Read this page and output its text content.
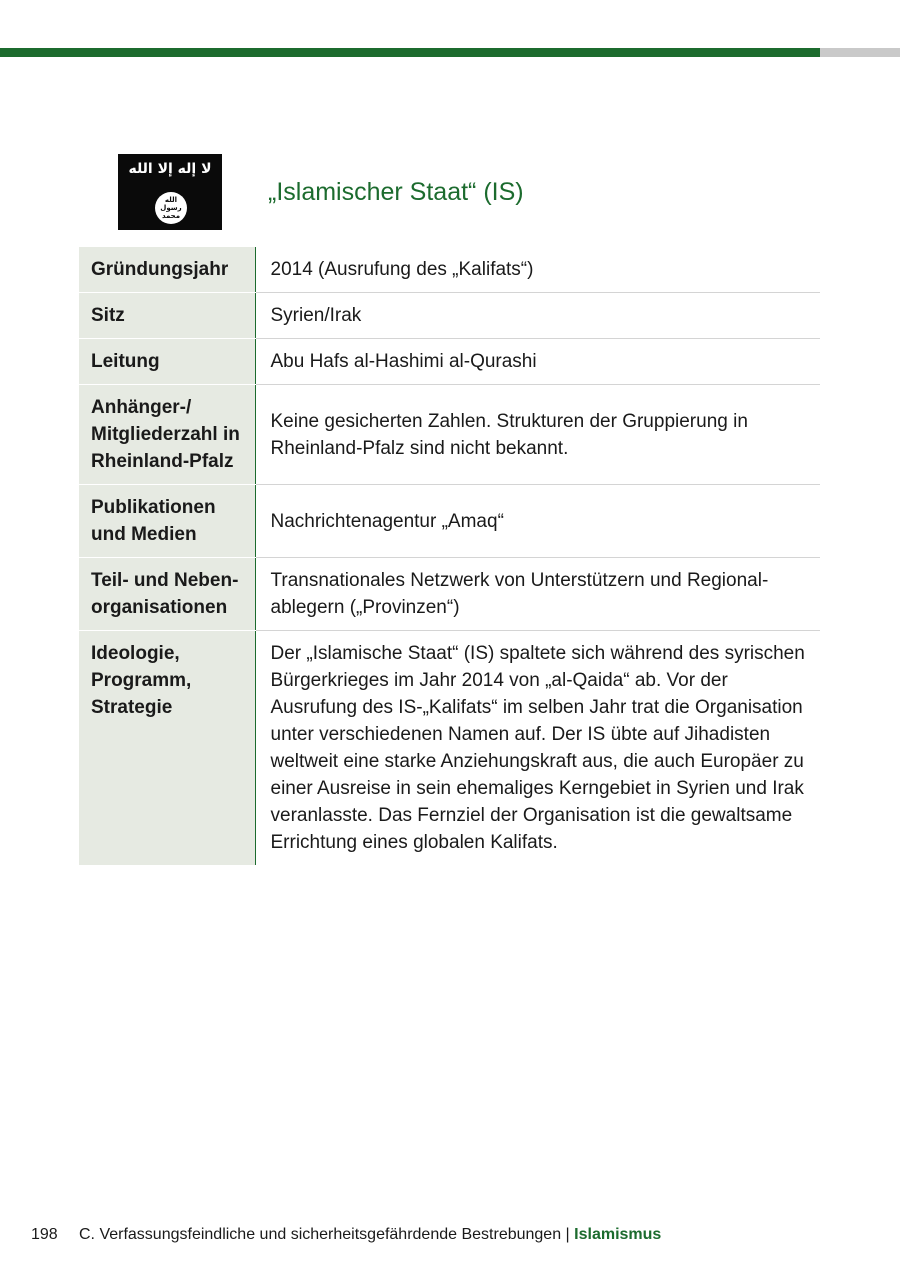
لا إله إلا الله
الله
رسول
محمد
„Islamischer Staat“ (IS)
Gründungsjahr	2014 (Ausrufung des „Kalifats“)
Sitz	Syrien/Irak
Leitung	Abu Hafs al-Hashimi al-Qurashi
Anhänger-/ Mitgliederzahl in Rheinland-Pfalz	Keine gesicherten Zahlen. Strukturen der Gruppierung in Rheinland-Pfalz sind nicht bekannt.
Publikationen und Medien	Nachrichtenagentur „Amaq“
Teil- und Nebenorganisationen	Transnationales Netzwerk von Unterstützern und Regionalablegern („Provinzen“)
Ideologie, Programm, Strategie	Der „Islamische Staat“ (IS) spaltete sich während des syrischen Bürgerkrieges im Jahr 2014 von „al-Qaida“ ab. Vor der Ausrufung des IS-„Kalifats“ im selben Jahr trat die Organisation unter verschiedenen Namen auf. Der IS übte auf Jihadisten weltweit eine starke Anziehungskraft aus, die auch Europäer zu einer Ausreise in sein ehemaliges Kerngebiet in Syrien und Irak veranlasste. Das Fernziel der Organisation ist die gewaltsame Errichtung eines globalen Kalifats.
198 C. Verfassungsfeindliche und sicherheitsgefährdende Bestrebungen | Islamismus
